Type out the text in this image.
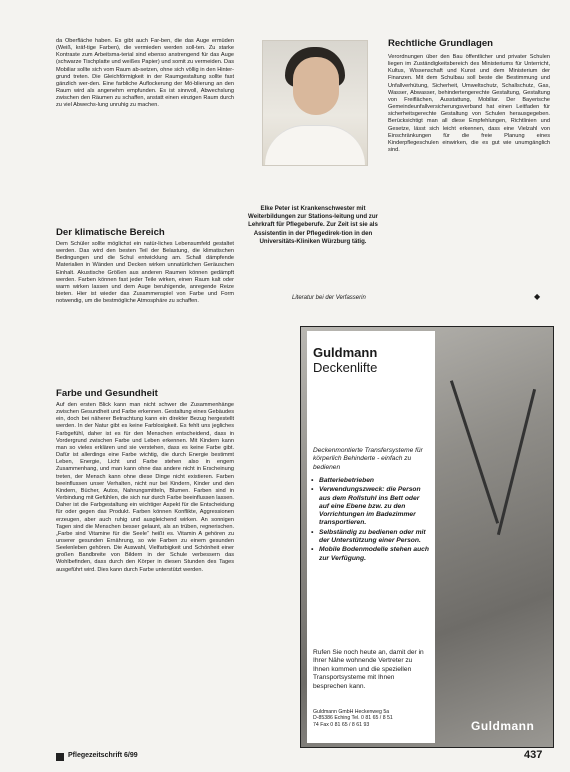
da Oberfläche haben. Es gibt auch Far-ben, die das Auge ermüden (Weiß, kräf-tige Farben), die vermieden werden soll-ten. Zu starke Kontraste zum Arbeitsma-terial sind ebenso anstrengend für das Auge (schwarze Tischplatte und weißes Papier) und somit zu vermeiden. Das Mobiliar sollte sich vom Raum ab-setzen, ohne sich völlig in den Hinter-grund treten. Die Gleichförmigkeit in der Raumgestaltung sollte fast gänzlich wer-den. Eine farbliche Auflockerung der Mö-blierung an den Raum wird als angenehm empfunden. Es ist sinnvoll, Abwechslung zwischen den Räumen zu schaffen, anstatt einen einzigen Raum durch zu viel Abwechs-lung unruhig zu machen.

Der klimatische Bereich

Dem Schüler sollte möglichst ein natür-liches Lebensumfeld gestaltet werden. Das wird den besten Teil der Belastung, die klimatischen Bedingungen und die Schul entwicklung am. Schall dämpfende Materialien in Wänden und Decken wirken unnatürlichen Geräuschen Einhalt. Akustische Größen aus anderen Raumen können gedämpft werden. Farben können fast jeder Teile wirken, einen Raum kalt oder warm wirken lassen und dem Auge beruhigende, anregende Reize bieten. Hier ist wieder das Zusammenspiel von Farbe und Form notwendig, um die bestmögliche Atmosphäre zu schaffen.

Farbe und Gesundheit

Auf den ersten Blick kann man nicht schwer die Zusammenhänge zwischen Gesundheit und Farbe erkennen. Gestaltung eines Gebäudes ein, doch bei näherer Betrachtung kann ein direkter Bezug hergestellt werden. In der Natur gibt es keine Farblosigkeit. Es fehlt uns jegliches Farbgefühl, daher ist es für den Menschen entscheidend, dass in Vordergrund zwischen Farbe und Leben erkennen. Mit Kindern kann man so vieles erklären und sie verstehen, dass es keine Farbe gibt. Dafür ist allerdings eine Farbe wichtig, die durch Energie bestimmt Leben, Energie, Licht und Farbe stehen also in engem Zusammenhang, und man kann ohne das andere nicht in Erscheinung treten, der Mensch kann ohne diese Dinge nicht existieren. Farben beeinflussen unser Verhalten, nicht nur bei Kindern, Kinder und den Kindern, Bücher, Autos, Nahrungsmitteln, Blumen. Farben sind in Verbindung mit Gefühlen, die sich nur durch Farbe beeinflussen lassen. Daher ist die Farbgestaltung ein wichtiger Aspekt für die Entscheidung für oder gegen das Produkt. Farben können Konflikte, Aggressionen erzeugen, aber auch ruhig und ausgleichend wirken. An sonnigen Tagen sind die Menschen besser gelaunt, als an trüben, regnerischen. „Farbe sind Vitamine für die Seele“ heißt es. Vitamin A gehören zu unserer gesunden Ernährung, so wie Farben zu einem gesunden Seelenleben gehören. Die Auswahl, Vielfarbigkeit und Schönheit einer großen Bandbreite von Bildern in der Schule verbessern das Wohlbefinden, dass durch den Körper in diesen Stunden des Tages ausgeführt wird. Dies kann durch Farbe unterstützt werden.

Elke Peter ist Krankenschwester mit Weiterbildungen zur Stations-leitung und zur Lehrkraft für Pflegeberufe. Zur Zeit ist sie als Assistentin in der Pflegedirek-tion in den Universitäts-Kliniken Würzburg tätig.

Rechtliche Grundlagen

Verordnungen über den Bau öffentlicher und privater Schulen liegen im Zuständigkeitsbereich des Ministeriums für Unterricht, Kultus, Wissenschaft und Kunst und dem Ministerium der Finanzen. Mit dem Schulbau soll beste die Bestimmung und Unfallverhütung, Sicherheit, Umweltschutz, Schallschutz, Gas, Wasser, Abwasser, behindertengerechte Gestaltung, Gestaltung von Freiflächen, Ausstattung, Mobiliar. Der Bayerische Gemeindeunfallversicherungsverband hat einen Leitfaden für sicherheitsgerechte Gestaltung von Schulen herausgegeben. Berücksichtigt man all diese Empfehlungen, Richtlinien und Gesetze, lässt sich leicht erkennen, dass eine Vielzahl von Einschränkungen für die freie Planung eines Kinderpflegeschulen einwirken, die es gut wie unumgänglich sind.

Literatur bei der Verfasserin	◆
Guldmann
Deckenlifte
Deckenmontierte Transfersysteme für körperlich Behinderte - einfach zu bedienen
• Batteriebetrieben
• Verwendungszweck: die Person aus dem Rollstuhl ins Bett oder auf eine Ebene bzw. zu den Vorrichtungen im Badezimmer transportieren.
• Selbständig zu bedienen oder mit der Unterstützung einer Person.
• Mobile Bodenmodelle stehen auch zur Verfügung.
Rufen Sie noch heute an, damit der in Ihrer Nähe wohnende Vertreter zu Ihnen kommen und die speziellen Transportsysteme mit Ihnen besprechen kann.
Guldmann GmbH Heckenweg 5a D-85386 Eching Tel. 0 81 65 / 8 51 74 Fax 0 81 65 / 8 61 93	Guldmann
Pflegezeitschrift 6/99	437
